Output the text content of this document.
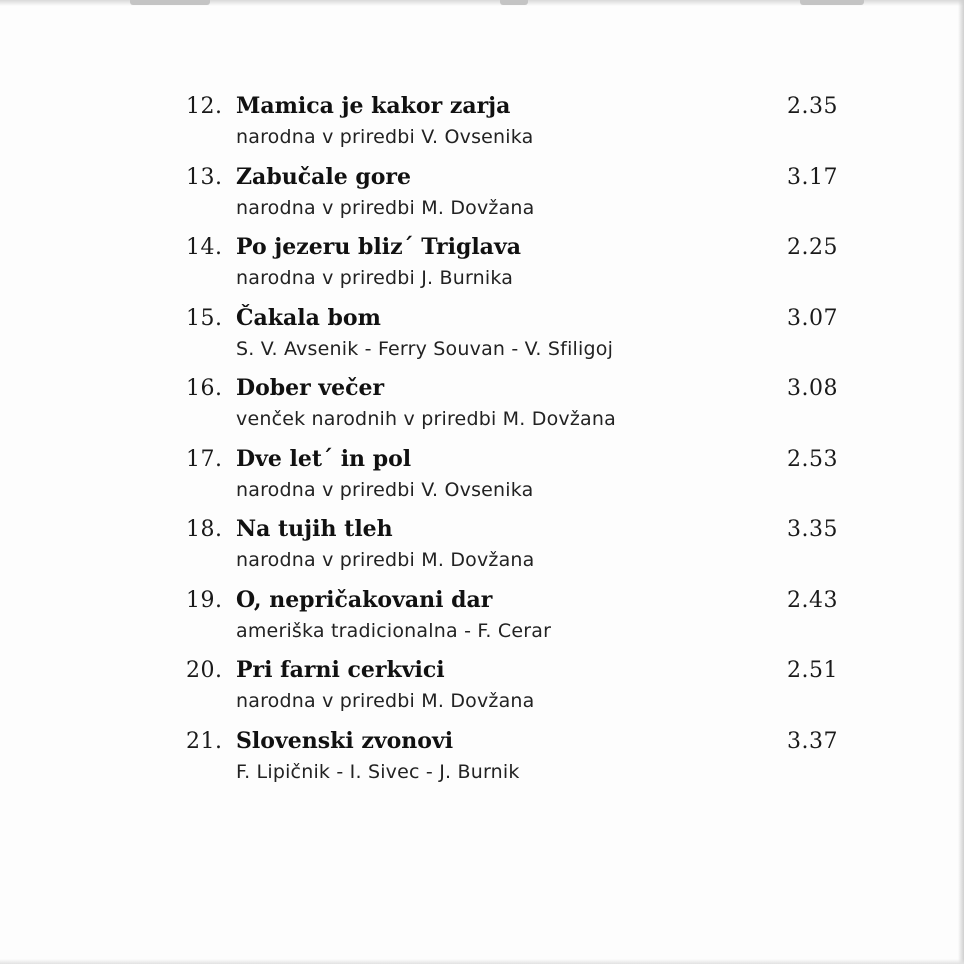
12. Mamica je kakor zarja
narodna v priredbi V. Ovsenika
2.35
13. Zabučale gore
narodna v priredbi M. Dovžana
3.17
14. Po jezeru bliz´ Triglava
narodna v priredbi J. Burnika
2.25
15. Čakala bom
S. V. Avsenik - Ferry Souvan - V. Sfiligoj
3.07
16. Dober večer
venček narodnih v priredbi M. Dovžana
3.08
17. Dve let´ in pol
narodna v priredbi V. Ovsenika
2.53
18. Na tujih tleh
narodna v priredbi M. Dovžana
3.35
19. O, nepričakovani dar
ameriška tradicionalna - F. Cerar
2.43
20. Pri farni cerkvici
narodna v priredbi M. Dovžana
2.51
21. Slovenski zvonovi
F. Lipičnik - I. Sivec - J. Burnik
3.37
